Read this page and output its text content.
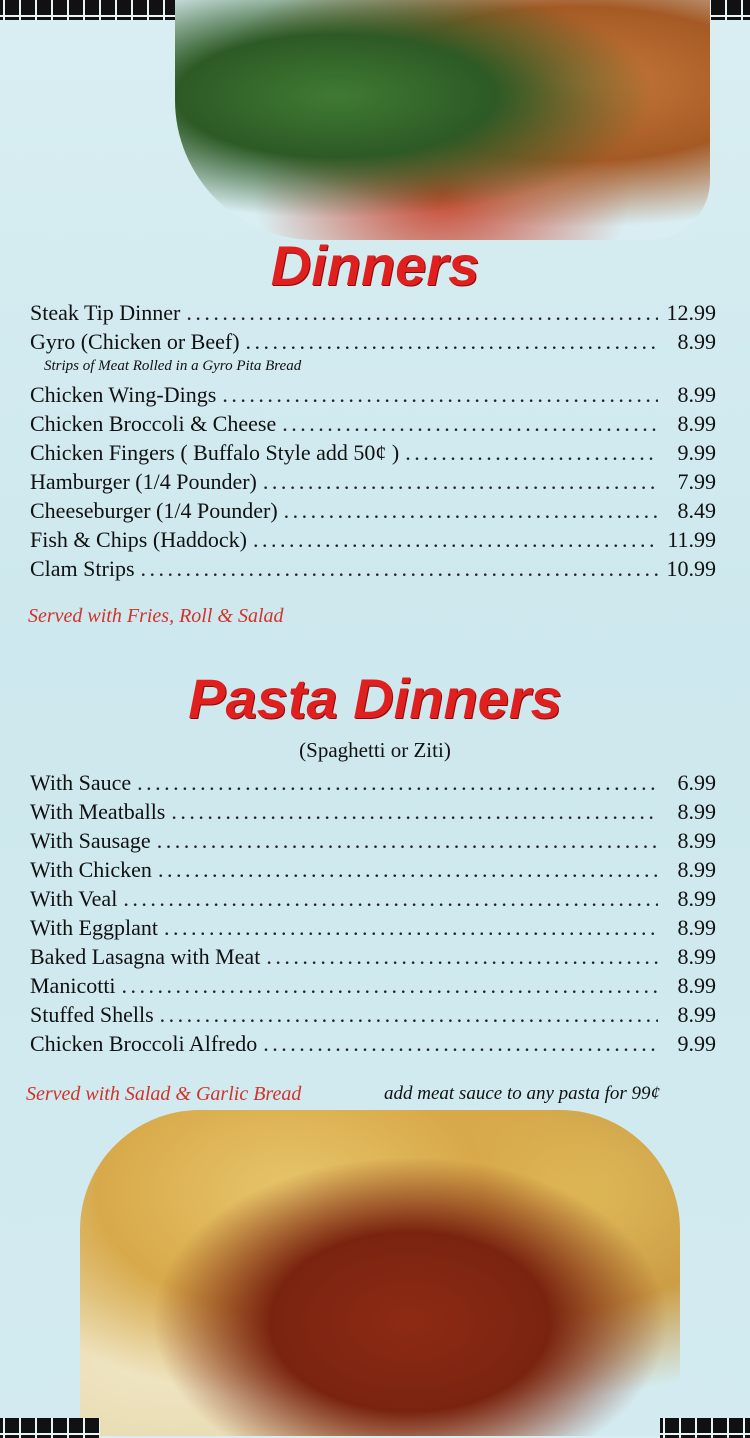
Dinners
Steak Tip Dinner . . .	12.99
Gyro (Chicken or Beef) . . .	8.99
Strips of Meat Rolled in a Gyro Pita Bread
Chicken Wing-Dings . . .	8.99
Chicken Broccoli & Cheese . . .	8.99
Chicken Fingers ( Buffalo Style add 50¢ ) . . .	9.99
Hamburger (1/4 Pounder) . . .	7.99
Cheeseburger (1/4 Pounder) . . .	8.49
Fish & Chips (Haddock) . . .	11.99
Clam Strips . . .	10.99
Served with Fries, Roll & Salad
Pasta Dinners
(Spaghetti or Ziti)
With Sauce . . .	6.99
With Meatballs . . .	8.99
With Sausage . . .	8.99
With Chicken . . .	8.99
With Veal . . .	8.99
With Eggplant . . .	8.99
Baked Lasagna with Meat . . .	8.99
Manicotti . . .	8.99
Stuffed Shells . . .	8.99
Chicken Broccoli Alfredo . . .	9.99
Served with Salad & Garlic Bread	add meat sauce to any pasta for 99¢
